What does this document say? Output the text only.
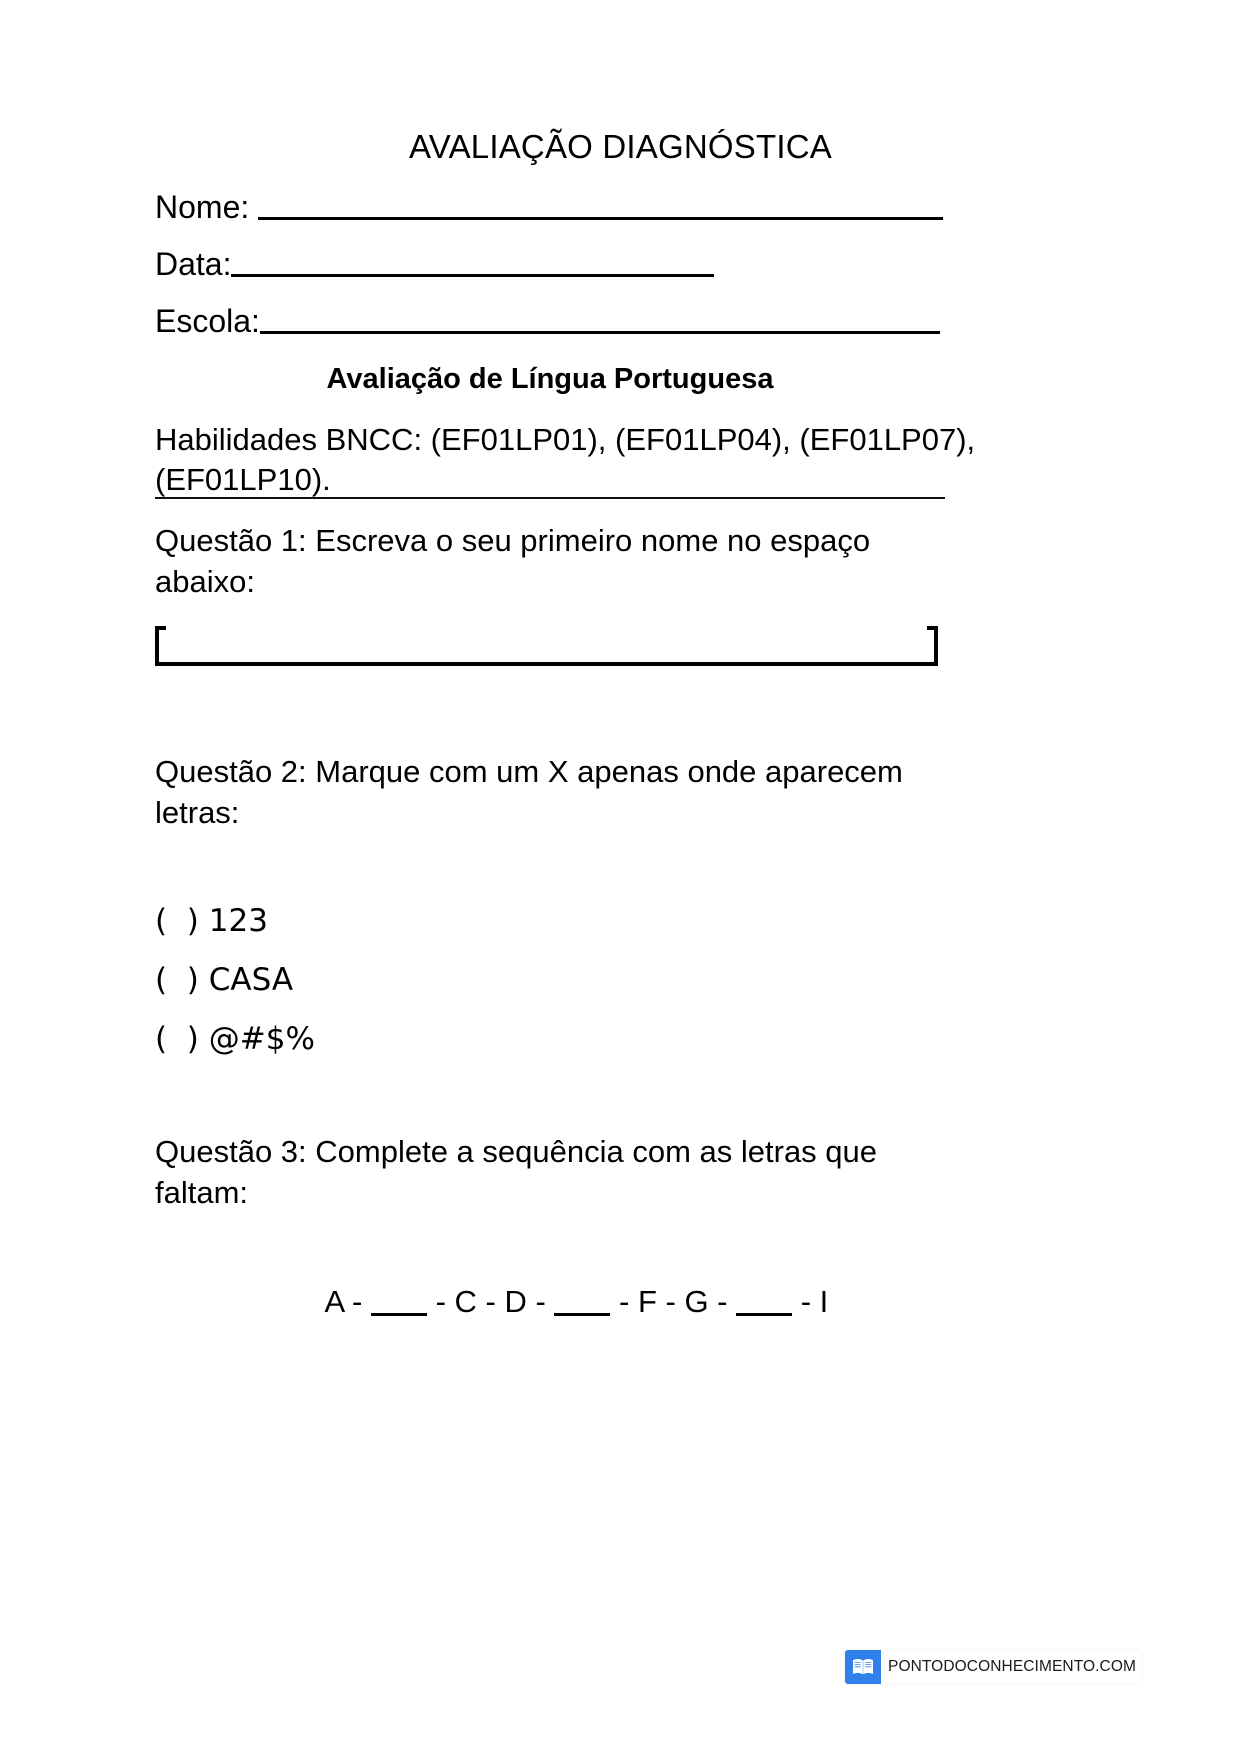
AVALIAÇÃO DIAGNÓSTICA
Nome:
Data:
Escola:
Avaliação de Língua Portuguesa
Habilidades BNCC: (EF01LP01), (EF01LP04), (EF01LP07),
(EF01LP10).
Questão 1: Escreva o seu primeiro nome no espaço abaixo:
Questão 2: Marque com um X apenas onde aparecem letras:
(  ) 123
(  ) CASA
(  ) @#$%
Questão 3: Complete a sequência com as letras que faltam:

A -  - C - D -  - F - G -  - I

PONTODOCONHECIMENTO.COM
